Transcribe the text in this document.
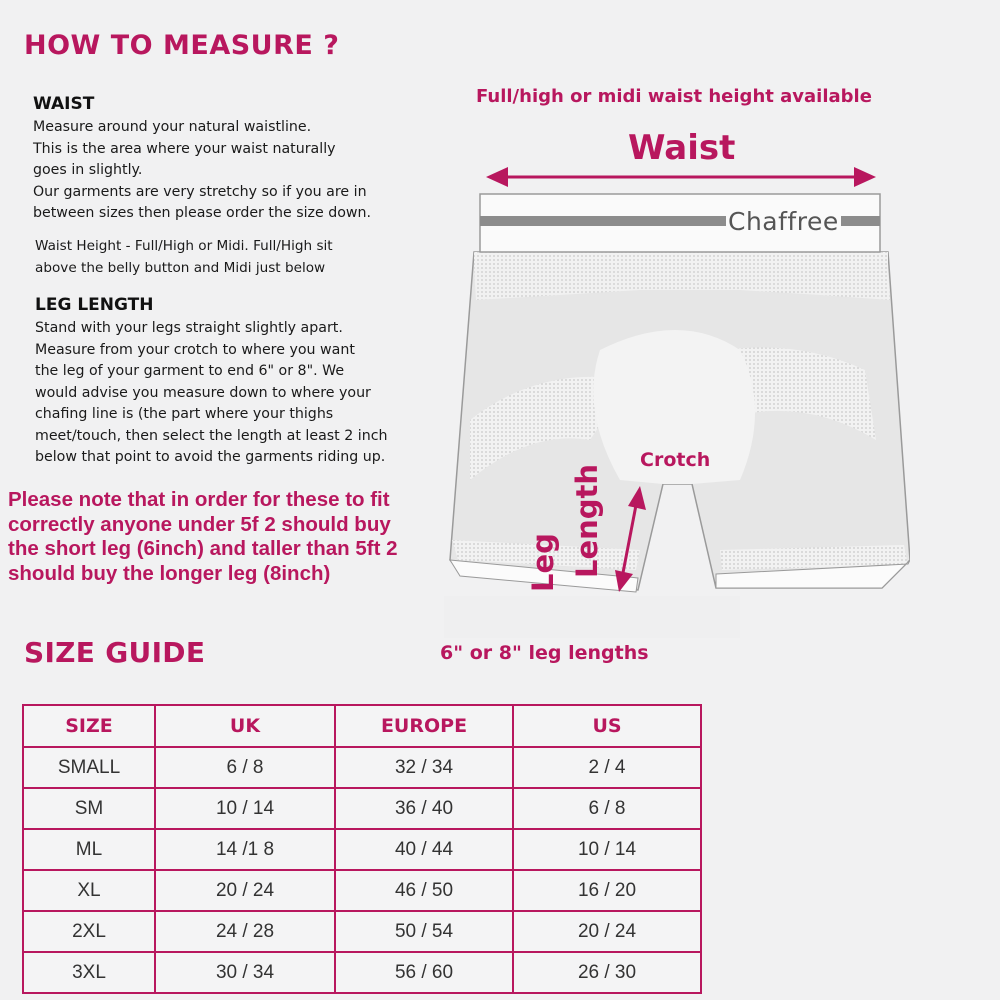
HOW TO MEASURE ?
WAIST
Measure around your natural waistline.
This is the area where your waist naturally
goes in slightly.
Our garments are very stretchy so if you are in
between sizes then please order the size down.
Waist Height - Full/High or Midi. Full/High sit
above the belly button and Midi just below
LEG LENGTH
Stand with your legs straight slightly apart.
Measure from your crotch to where you want
the leg of your garment to end 6" or 8". We
would advise you measure down to where your
chafing line is (the part where your thighs
meet/touch, then select the length at least 2 inch
below that point to avoid the garments riding up.
Full/high or midi waist height available
Waist
Chaffree
Crotch
Leg Length
Please note that in order for these to fit
correctly anyone under 5f 2 should buy
the short leg (6inch) and taller than 5ft 2
should buy the longer leg (8inch)
SIZE GUIDE	6" or 8" leg lengths
SIZE	UK	EUROPE	US
SMALL	6 / 8	32 / 34	2 / 4
SM	10 / 14	36 / 40	6 / 8
ML	14 /1 8	40 / 44	10 / 14
XL	20 / 24	46 / 50	16 / 20
2XL	24 / 28	50 / 54	20 / 24
3XL	30 / 34	56 / 60	26 / 30
